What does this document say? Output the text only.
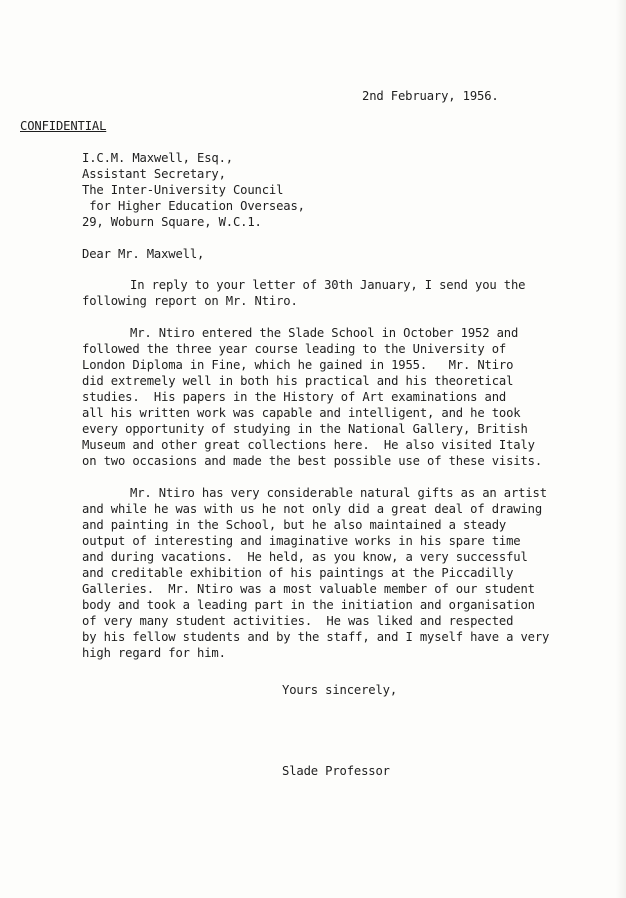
2nd February, 1956.
CONFIDENTIAL
I.C.M. Maxwell, Esq.,
Assistant Secretary,
The Inter-University Council
for Higher Education Overseas,
29, Woburn Square, W.C.1.
Dear Mr. Maxwell,
In reply to your letter of 30th January, I send you the
following report on Mr. Ntiro.
Mr. Ntiro entered the Slade School in October 1952 and
followed the three year course leading to the University of
London Diploma in Fine, which he gained in 1955.   Mr. Ntiro
did extremely well in both his practical and his theoretical
studies.  His papers in the History of Art examinations and
all his written work was capable and intelligent, and he took
every opportunity of studying in the National Gallery, British
Museum and other great collections here.  He also visited Italy
on two occasions and made the best possible use of these visits.
Mr. Ntiro has very considerable natural gifts as an artist
and while he was with us he not only did a great deal of drawing
and painting in the School, but he also maintained a steady
output of interesting and imaginative works in his spare time
and during vacations.  He held, as you know, a very successful
and creditable exhibition of his paintings at the Piccadilly
Galleries.  Mr. Ntiro was a most valuable member of our student
body and took a leading part in the initiation and organisation
of very many student activities.  He was liked and respected
by his fellow students and by the staff, and I myself have a very
high regard for him.
Yours sincerely,
Slade Professor
